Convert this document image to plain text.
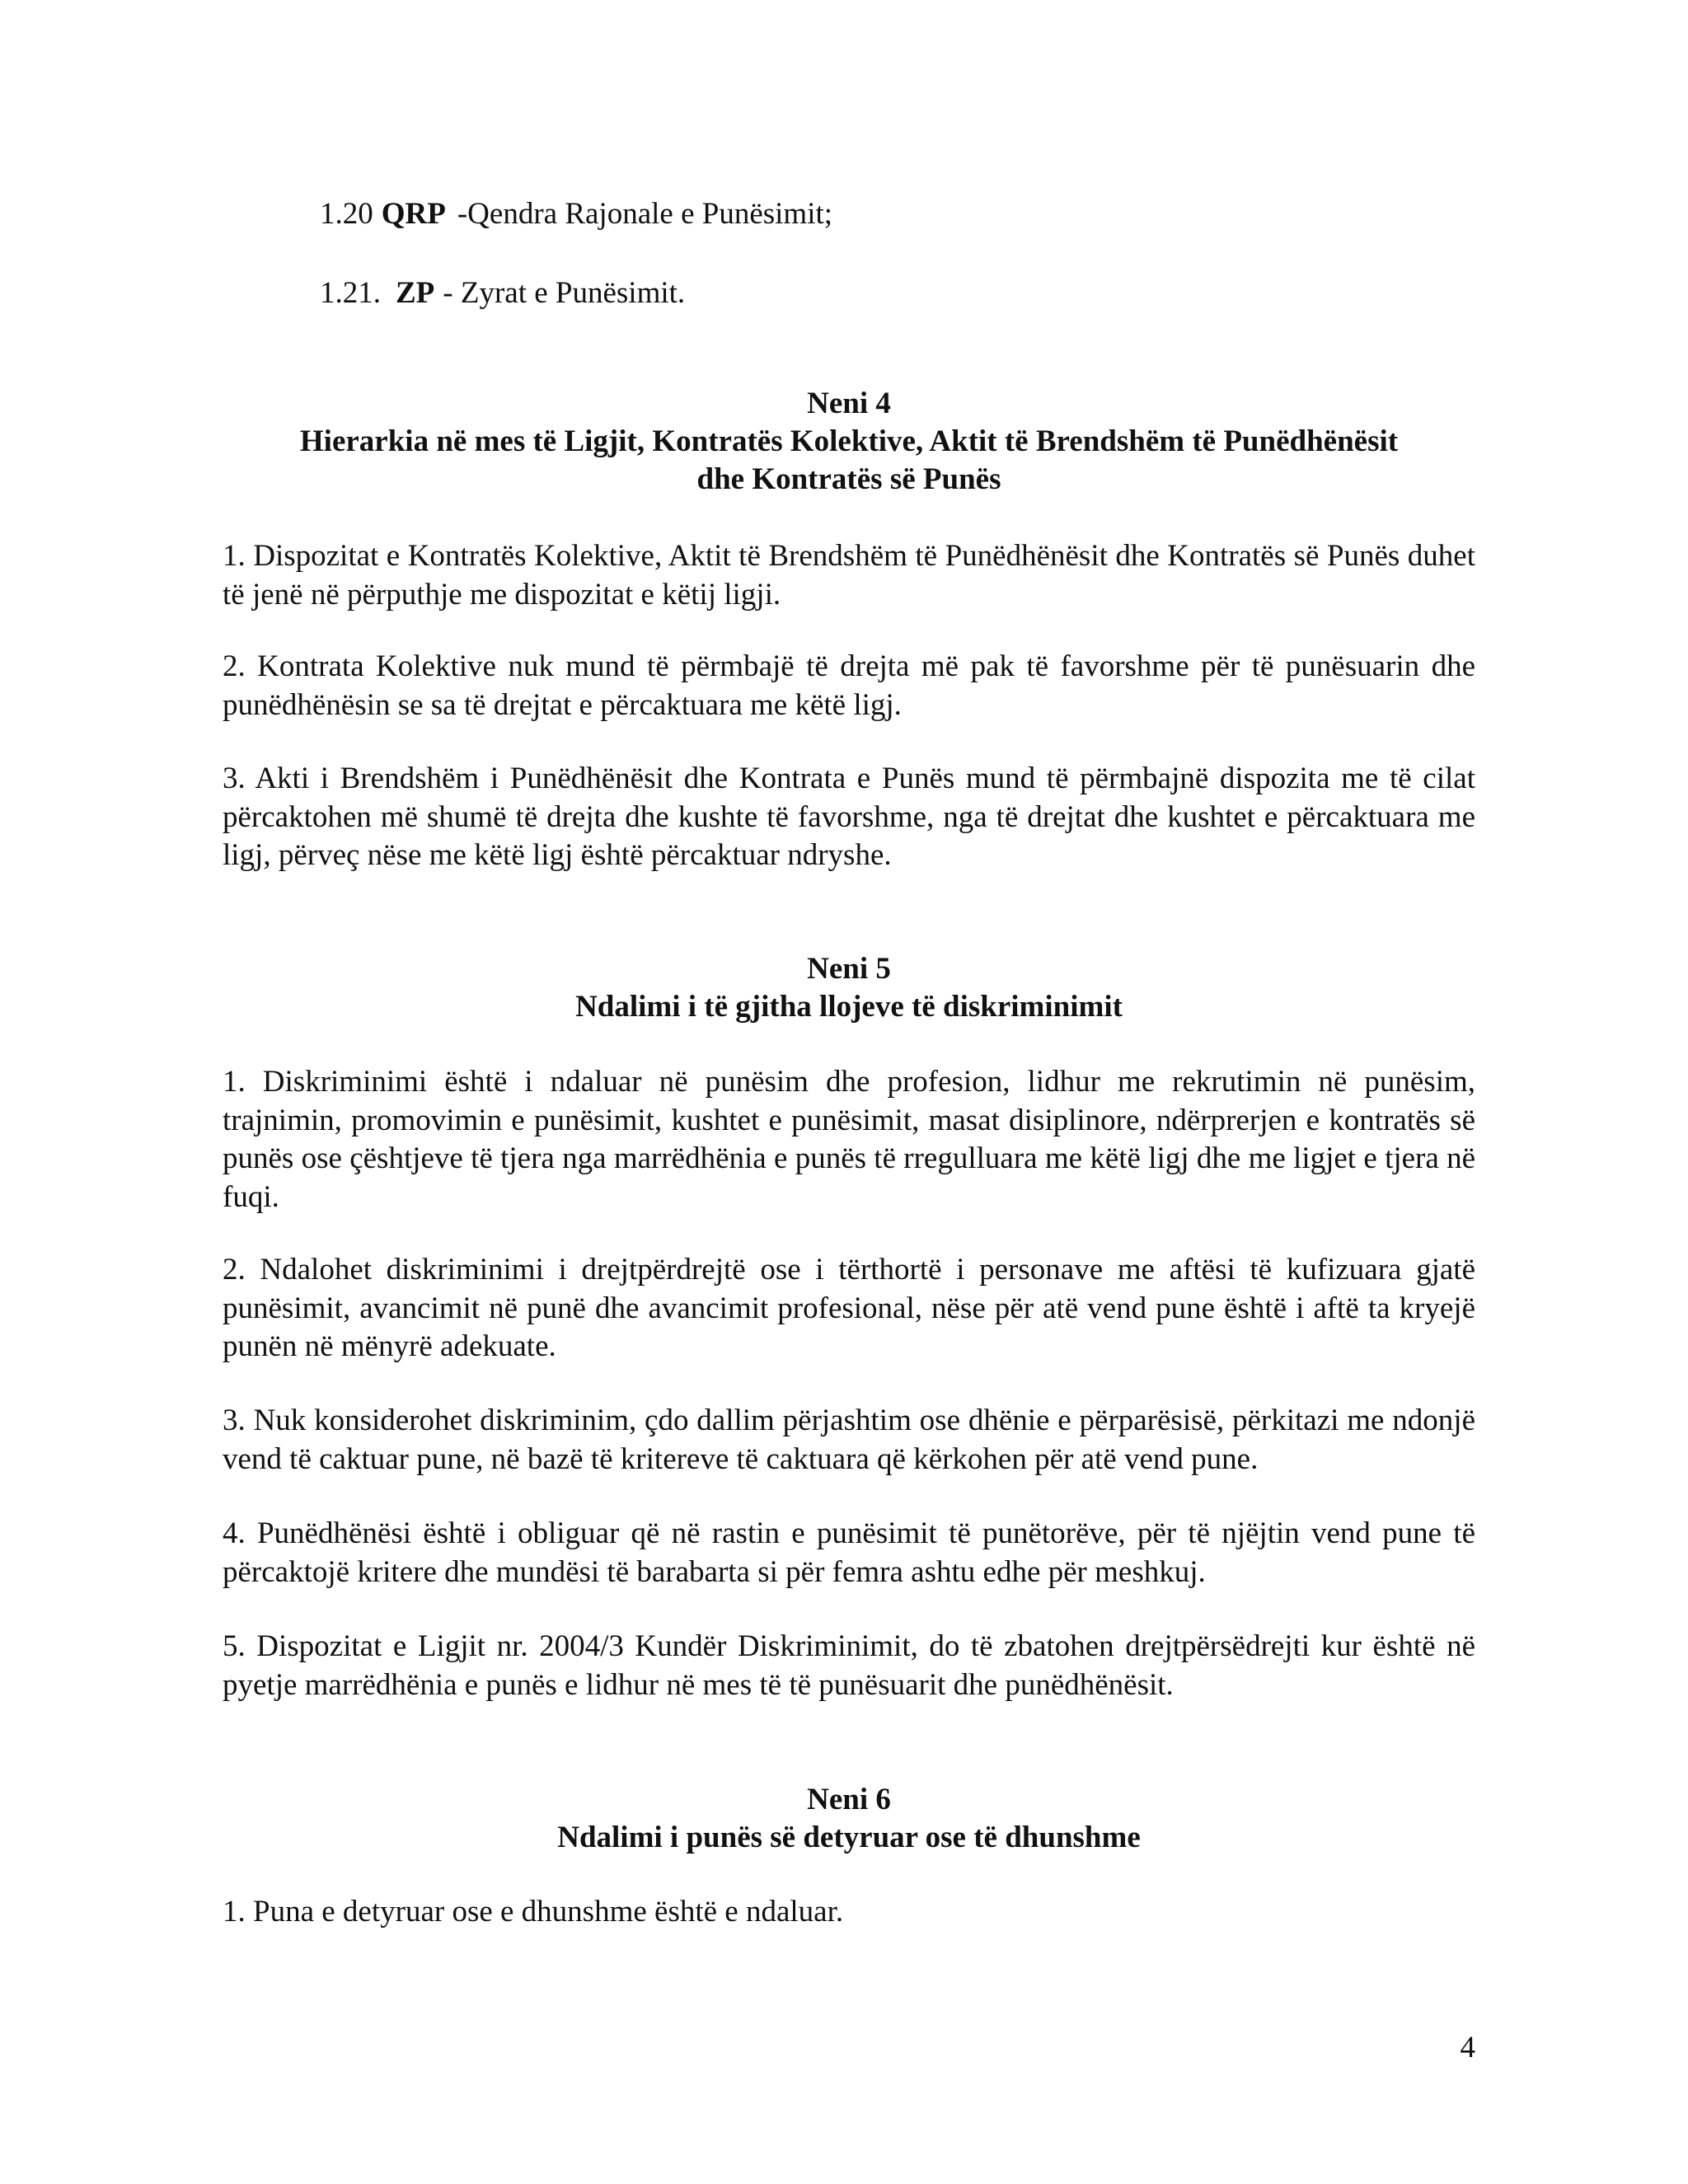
1.20 QRP -Qendra Rajonale e Punësimit;

1.21. ZP - Zyrat e Punësimit.

Neni 4

Hierarkia në mes të Ligjit, Kontratës Kolektive, Aktit të Brendshëm të Punëdhënësit

dhe Kontratës së Punës

1. Dispozitat e Kontratës Kolektive, Aktit të Brendshëm të Punëdhënësit dhe Kontratës së Punës duhet të jenë në përputhje me dispozitat e këtij ligji.

2. Kontrata Kolektive nuk mund të përmbajë të drejta më pak të favorshme për të punësuarin dhe punëdhënësin se sa të drejtat e përcaktuara me këtë ligj.

3. Akti i Brendshëm i Punëdhënësit dhe Kontrata e Punës mund të përmbajnë dispozita me të cilat përcaktohen më shumë të drejta dhe kushte të favorshme, nga të drejtat dhe kushtet e përcaktuara me ligj, përveç nëse me këtë ligj është përcaktuar ndryshe.

Neni 5

Ndalimi i të gjitha llojeve të diskriminimit

1. Diskriminimi është i ndaluar në punësim dhe profesion, lidhur me rekrutimin në punësim, trajnimin, promovimin e punësimit, kushtet e punësimit, masat disiplinore, ndërprerjen e kontratës së punës ose çështjeve të tjera nga marrëdhënia e punës të rregulluara me këtë ligj dhe me ligjet e tjera në fuqi.

2. Ndalohet diskriminimi i drejtpërdrejtë ose i tërthortë i personave me aftësi të kufizuara gjatë punësimit, avancimit në punë dhe avancimit profesional, nëse për atë vend pune është i aftë ta kryejë punën në mënyrë adekuate.

3. Nuk konsiderohet diskriminim, çdo dallim përjashtim ose dhënie e përparësisë, përkitazi me ndonjë vend të caktuar pune, në bazë të kritereve të caktuara që kërkohen për atë vend pune.

4. Punëdhënësi është i obliguar që në rastin e punësimit të punëtorëve, për të njëjtin vend pune të përcaktojë kritere dhe mundësi të barabarta si për femra ashtu edhe për meshkuj.

5. Dispozitat e Ligjit nr. 2004/3 Kundër Diskriminimit, do të zbatohen drejtpërsëdrejti kur është në pyetje marrëdhënia e punës e lidhur në mes të të punësuarit dhe punëdhënësit.

Neni 6

Ndalimi i punës së detyruar ose të dhunshme

1. Puna e detyruar ose e dhunshme është e ndaluar.

4
